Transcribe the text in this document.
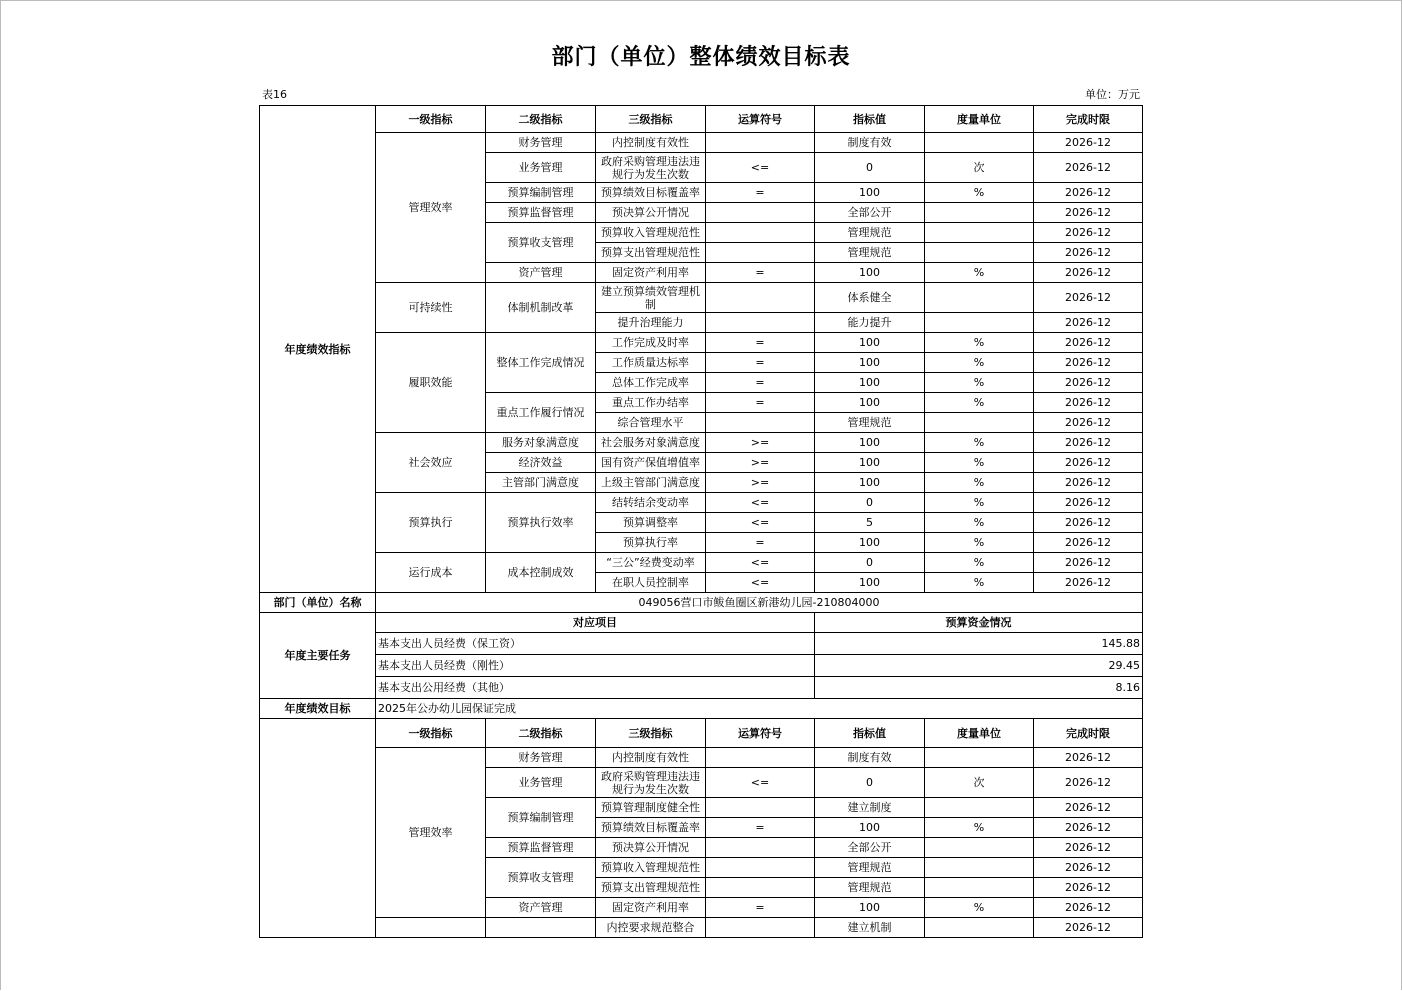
部门（单位）整体绩效目标表
表16	单位：万元
年度绩效指标	一级指标	二级指标	三级指标	运算符号	指标值	度量单位	完成时限
	管理效率	财务管理	内控制度有效性		制度有效		2026-12
		业务管理	政府采购管理违法违规行为发生次数	<=	0	次	2026-12
		预算编制管理	预算绩效目标覆盖率	=	100	%	2026-12
		预算监督管理	预决算公开情况		全部公开		2026-12
		预算收支管理	预算收入管理规范性		管理规范		2026-12
			预算支出管理规范性		管理规范		2026-12
		资产管理	固定资产利用率	=	100	%	2026-12
	可持续性	体制机制改革	建立预算绩效管理机制		体系健全		2026-12
			提升治理能力		能力提升		2026-12
	履职效能	整体工作完成情况	工作完成及时率	=	100	%	2026-12
			工作质量达标率	=	100	%	2026-12
			总体工作完成率	=	100	%	2026-12
		重点工作履行情况	重点工作办结率	=	100	%	2026-12
			综合管理水平		管理规范		2026-12
	社会效应	服务对象满意度	社会服务对象满意度	>=	100	%	2026-12
		经济效益	国有资产保值增值率	>=	100	%	2026-12
		主管部门满意度	上级主管部门满意度	>=	100	%	2026-12
	预算执行	预算执行效率	结转结余变动率	<=	0	%	2026-12
			预算调整率	<=	5	%	2026-12
			预算执行率	=	100	%	2026-12
	运行成本	成本控制成效	“三公”经费变动率	<=	0	%	2026-12
			在职人员控制率	<=	100	%	2026-12
部门（单位）名称	049056营口市鲅鱼圈区新港幼儿园-210804000						
年度主要任务	对应项目				预算资金情况		
	基本支出人员经费（保工资）				145.88		
	基本支出人员经费（刚性）				29.45		
	基本支出公用经费（其他）				8.16		
年度绩效目标	2025年公办幼儿园保证完成						
	一级指标	二级指标	三级指标	运算符号	指标值	度量单位	完成时限
	管理效率	财务管理	内控制度有效性		制度有效		2026-12
		业务管理	政府采购管理违法违规行为发生次数	<=	0	次	2026-12
		预算编制管理	预算管理制度健全性		建立制度		2026-12
			预算绩效目标覆盖率	=	100	%	2026-12
		预算监督管理	预决算公开情况		全部公开		2026-12
		预算收支管理	预算收入管理规范性		管理规范		2026-12
			预算支出管理规范性		管理规范		2026-12
		资产管理	固定资产利用率	=	100	%	2026-12
			内控要求规范整合		建立机制		2026-12
